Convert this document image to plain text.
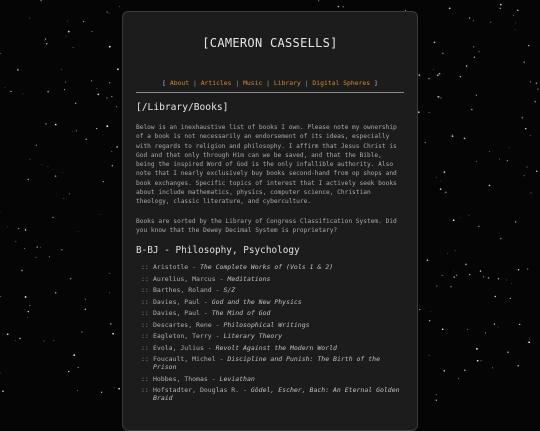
[CAMERON CASSELLS]
[ About | Articles | Music | Library | Digital Spheres ]
[/Library/Books]

Below is an inexhaustive list of books I own. Please note my ownership of a book is not necessarily an endorsement of its ideas, especially with regards to religion and philosophy. I affirm that Jesus Christ is God and that only through Him can we be saved, and that the Bible, being the inspired Word of God is the only infallible authority. Also note that I nearly exclusively buy books second-hand from op shops and book exchanges. Specific topics of interest that I actively seek books about include mathematics, physics, computer science, Christian theology, classic literature, and cyberculture.

Books are sorted by the Library of Congress Classification System. Did you know that the Dewey Decimal System is proprietary?

B-BJ - Philosophy, Psychology
:: Aristotle - The Complete Works of (Vols 1 & 2)
:: Aurelius, Marcus - Meditations
:: Barthes, Roland - S/Z
:: Davies, Paul - God and the New Physics
:: Davies, Paul - The Mind of God
:: Descartes, Rene - Philosophical Writings
:: Eagleton, Terry - Literary Theory
:: Evola, Julius - Revolt Against the Modern World
:: Foucault, Michel - Discipline and Punish: The Birth of the Prison
:: Hobbes, Thomas - Leviathan
:: Hofstadter, Douglas R. - Gödel, Escher, Bach: An Eternal Golden Braid
